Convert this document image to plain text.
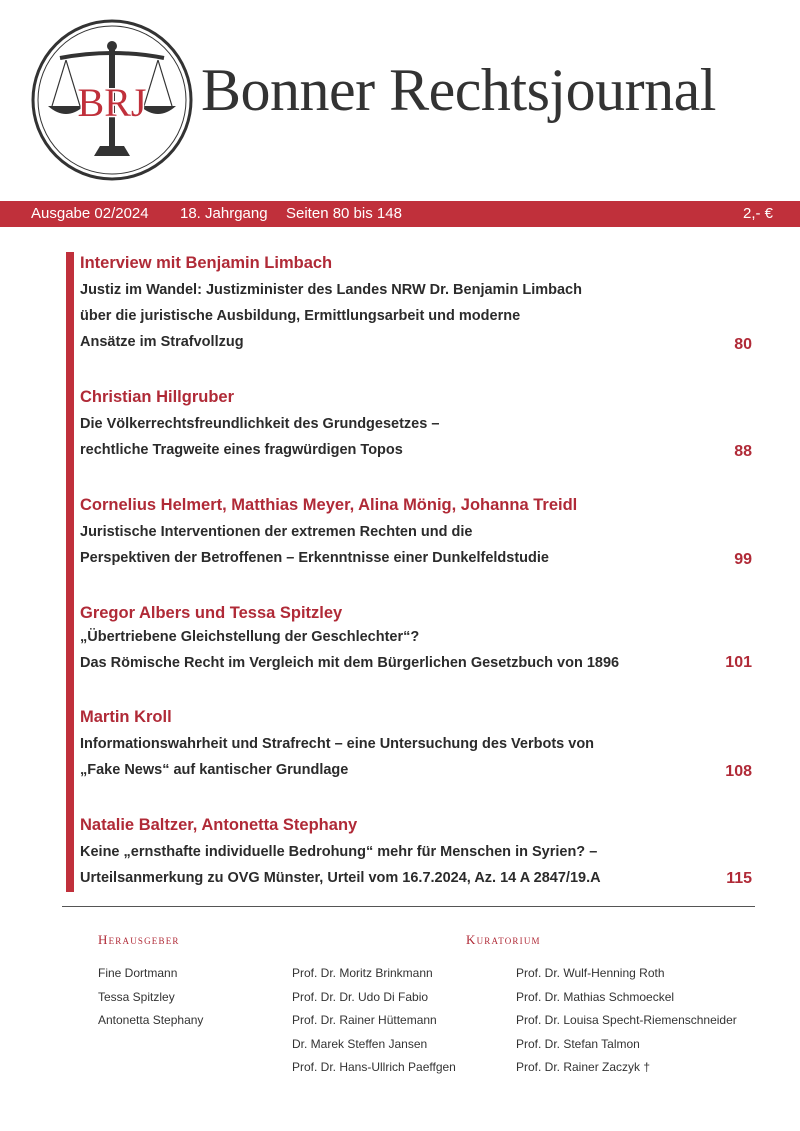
BRJ Bonner Rechtsjournal
Ausgabe 02/2024 18. Jahrgang Seiten 80 bis 148	2,- €
Interview mit Benjamin Limbach
Justiz im Wandel: Justizminister des Landes NRW Dr. Benjamin Limbach
über die juristische Ausbildung, Ermittlungsarbeit und moderne
Ansätze im Strafvollzug	80
Christian Hillgruber
Die Völkerrechtsfreundlichkeit des Grundgesetzes –
rechtliche Tragweite eines fragwürdigen Topos	88
Cornelius Helmert, Matthias Meyer, Alina Mönig, Johanna Treidl
Juristische Interventionen der extremen Rechten und die
Perspektiven der Betroffenen – Erkenntnisse einer Dunkelfeldstudie	99
Gregor Albers und Tessa Spitzley
„Übertriebene Gleichstellung der Geschlechter“?
Das Römische Recht im Vergleich mit dem Bürgerlichen Gesetzbuch von 1896	101
Martin Kroll
Informationswahrheit und Strafrecht – eine Untersuchung des Verbots von
„Fake News“ auf kantischer Grundlage	108
Natalie Baltzer, Antonetta Stephany
Keine „ernsthafte individuelle Bedrohung“ mehr für Menschen in Syrien? –
Urteilsanmerkung zu OVG Münster, Urteil vom 16.7.2024, Az. 14 A 2847/19.A	115
Herausgeber	Kuratorium
Fine Dortmann
Tessa Spitzley
Antonetta Stephany
Prof. Dr. Moritz Brinkmann
Prof. Dr. Dr. Udo Di Fabio
Prof. Dr. Rainer Hüttemann
Dr. Marek Steffen Jansen
Prof. Dr. Hans-Ullrich Paeffgen
Prof. Dr. Wulf-Henning Roth
Prof. Dr. Mathias Schmoeckel
Prof. Dr. Louisa Specht-Riemenschneider
Prof. Dr. Stefan Talmon
Prof. Dr. Rainer Zaczyk †
